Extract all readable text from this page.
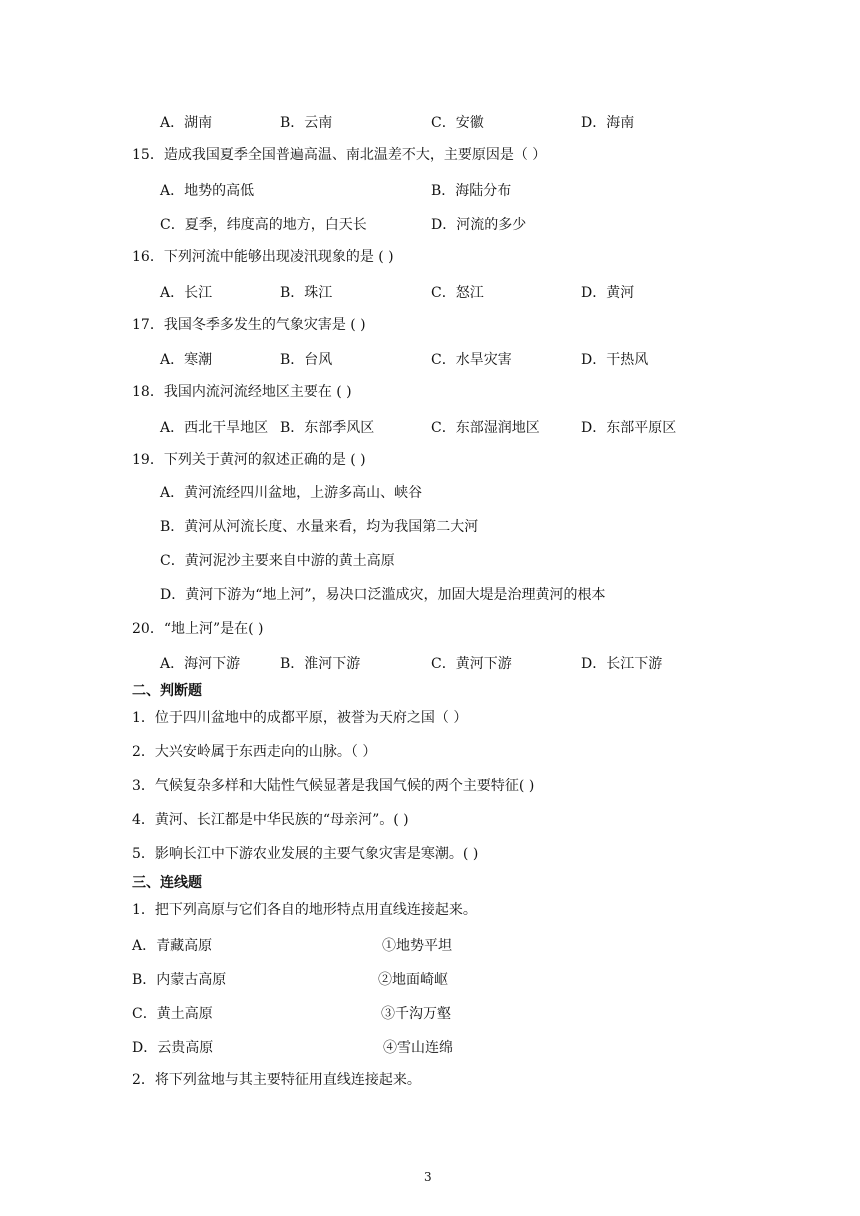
A．湖南	B．云南	C．安徽	D．海南
15．造成我国夏季全国普遍高温、南北温差不大，主要原因是（ ）
A．地势的高低	B．海陆分布
C．夏季，纬度高的地方，白天长	D．河流的多少
16．下列河流中能够出现凌汛现象的是 ( )
A．长江	B．珠江	C．怒江	D．黄河
17．我国冬季多发生的气象灾害是 ( )
A．寒潮	B．台风	C．水旱灾害	D．干热风
18．我国内流河流经地区主要在 ( )
A．西北干旱地区 B．东部季风区	C．东部湿润地区	D．东部平原区
19．下列关于黄河的叙述正确的是 ( )
A．黄河流经四川盆地，上游多高山、峡谷
B．黄河从河流长度、水量来看，均为我国第二大河
C．黄河泥沙主要来自中游的黄土高原
D．黄河下游为“地上河”，易决口泛滥成灾，加固大堤是治理黄河的根本
20．“地上河”是在( )
A．海河下游	B．淮河下游	C．黄河下游	D．长江下游
二、判断题
1．位于四川盆地中的成都平原，被誉为天府之国（ ）
2．大兴安岭属于东西走向的山脉。（ ）
3．气候复杂多样和大陆性气候显著是我国气候的两个主要特征( )
4．黄河、长江都是中华民族的“母亲河”。( )
5．影响长江中下游农业发展的主要气象灾害是寒潮。( )
三、连线题
1．把下列高原与它们各自的地形特点用直线连接起来。
A．青藏高原	①地势平坦
B．内蒙古高原	②地面崎岖
C．黄土高原	③千沟万壑
D．云贵高原	④雪山连绵
2．将下列盆地与其主要特征用直线连接起来。
3
